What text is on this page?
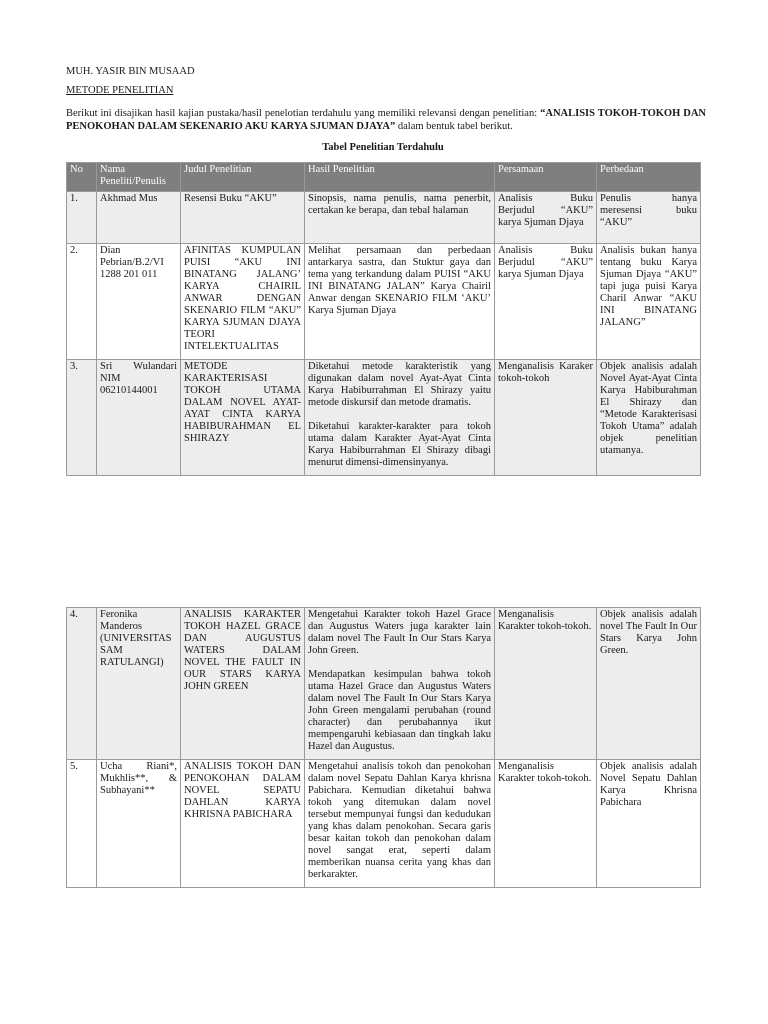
MUH. YASIR BIN MUSAAD
METODE PENELITIAN
Berikut ini disajikan hasil kajian pustaka/hasil penelotian terdahulu yang memiliki relevansi dengan penelitian: “ANALISIS TOKOH-TOKOH DAN PENOKOHAN DALAM SEKENARIO AKU KARYA SJUMAN DJAYA” dalam bentuk tabel berikut.
Tabel Penelitian Terdahulu
No	Nama Peneliti/Penulis	Judul Penelitian	Hasil Penelitian	Persamaan	Perbedaan
1.	Akhmad Mus	Resensi Buku “AKU”	Sinopsis, nama penulis, nama penerbit, certakan ke berapa, dan tebal halaman	Analisis Buku Berjudul “AKU” karya Sjuman Djaya	Penulis hanya meresensi buku “AKU”
2.	Dian Pebrian/B.2/VI 1288 201 011	AFINITAS KUMPULAN PUISI “AKU INI BINATANG JALANG’ KARYA CHAIRIL ANWAR DENGAN SKENARIO FILM “AKU” KARYA SJUMAN DJAYA TEORI INTELEKTUALITAS	Melihat persamaan dan perbedaan antarkarya sastra, dan Stuktur gaya dan tema yang terkandung dalam PUISI “AKU INI BINATANG JALAN” Karya Chairil Anwar dengan SKENARIO FILM ‘AKU’ Karya Sjuman Djaya	Analisis Buku Berjudul “AKU” karya Sjuman Djaya	Analisis bukan hanya tentang buku Karya Sjuman Djaya “AKU” tapi juga puisi Karya Charil Anwar “AKU INI BINATANG JALANG”
3.	Sri Wulandari NIM 06210144001	METODE KARAKTERISASI TOKOH UTAMA DALAM NOVEL AYAT-AYAT CINTA KARYA HABIBURAHMAN EL SHIRAZY	Diketahui metode karakteristik yang digunakan dalam novel Ayat-Ayat Cinta Karya Habiburrahman El Shirazy yaitu metode diskursif dan metode dramatis.

Diketahui karakter-karakter para tokoh utama dalam Karakter Ayat-Ayat Cinta Karya Habiburrahman El Shirazy dibagi menurut dimensi-dimensinyanya.	Menganalisis Karaker tokoh-tokoh	Objek analisis adalah Novel Ayat-Ayat Cinta Karya Habiburahman El Shirazy dan “Metode Karakterisasi Tokoh Utama” adalah objek penelitian utamanya.
4.	Feronika Manderos (UNIVERSITAS SAM RATULANGI)	ANALISIS KARAKTER TOKOH HAZEL GRACE DAN AUGUSTUS WATERS DALAM NOVEL THE FAULT IN OUR STARS KARYA JOHN GREEN	Mengetahui Karakter tokoh Hazel Grace dan Augustus Waters juga karakter lain dalam novel The Fault In Our Stars Karya John Green.

Mendapatkan kesimpulan bahwa tokoh utama Hazel Grace dan Augustus Waters dalam novel The Fault In Our Stars Karya John Green mengalami perubahan (round character) dan perubahannya ikut mempengaruhi kebiasaan dan tingkah laku Hazel dan Augustus.	Menganalisis Karakter tokoh-tokoh.	Objek analisis adalah novel The Fault In Our Stars Karya John Green.
5.	Ucha Riani*, Mukhlis**, & Subhayani**	ANALISIS TOKOH DAN PENOKOHAN DALAM NOVEL SEPATU DAHLAN KARYA KHRISNA PABICHARA	Mengetahui analisis tokoh dan penokohan dalam novel Sepatu Dahlan Karya khrisna Pabichara. Kemudian diketahui bahwa tokoh yang ditemukan dalam novel tersebut mempunyai fungsi dan kedudukan yang khas dalam penokohan. Secara garis besar kaitan tokoh dan penokohan dalam novel sangat erat, seperti dalam memberikan nuansa cerita yang khas dan berkarakter.	Menganalisis Karakter tokoh-tokoh.	Objek analisis adalah Novel Sepatu Dahlan Karya Khrisna Pabichara
